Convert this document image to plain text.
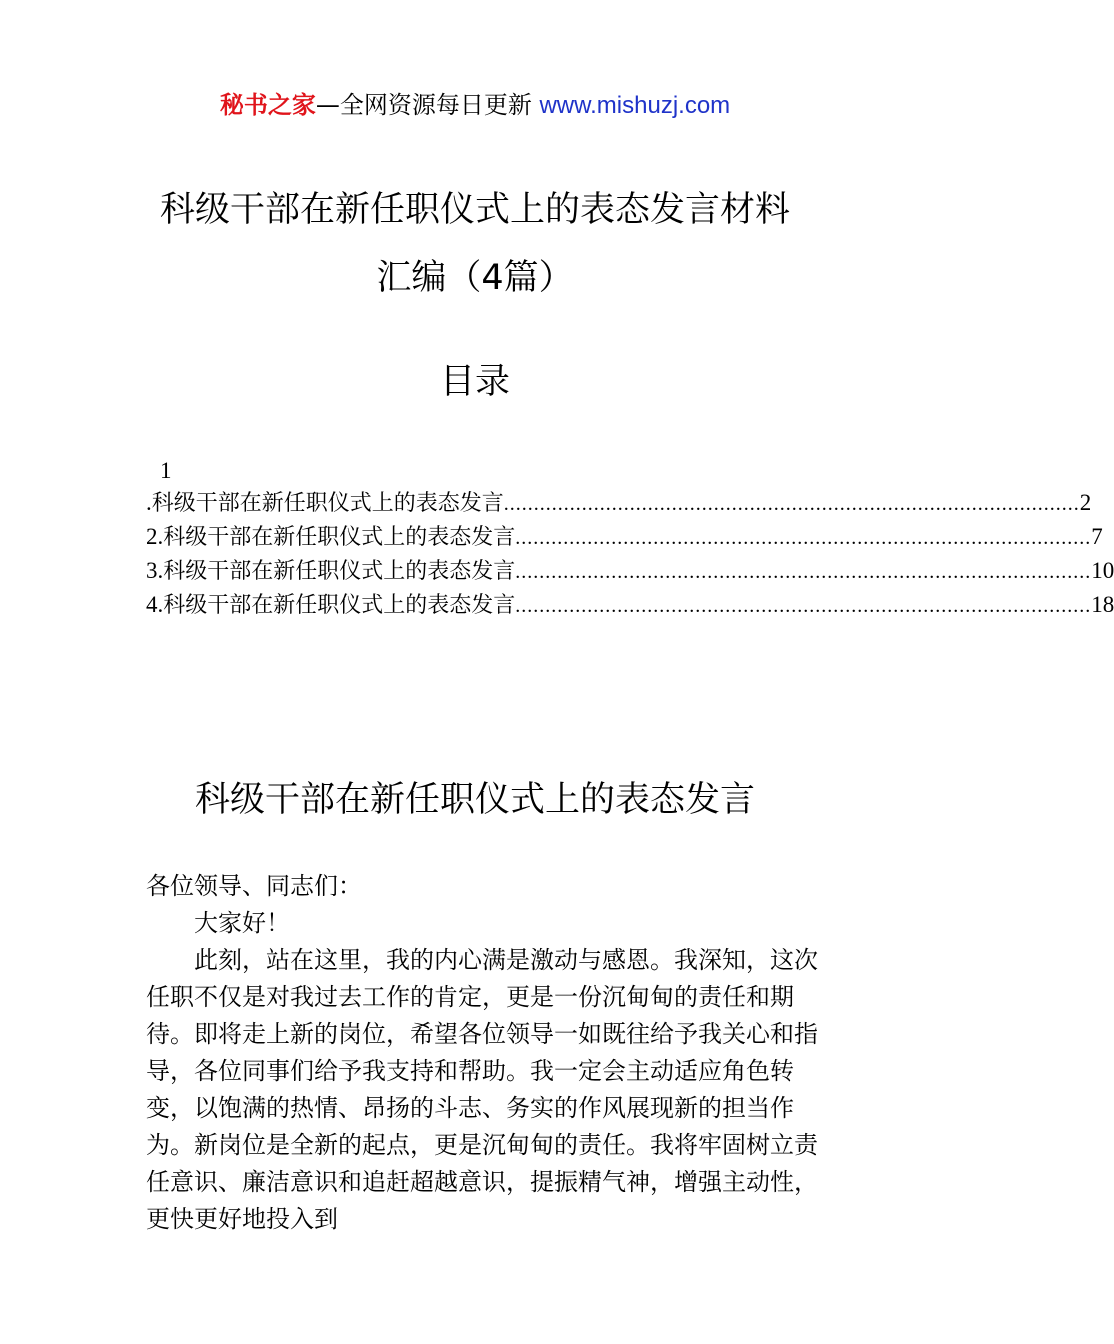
秘书之家—全网资源每日更新 www.mishuzj.com
科级干部在新任职仪式上的表态发言材料
汇编（4篇）
目录
1
. 科级干部在新任职仪式上的表态发言 ................................................................................................ 2
2. 科级干部在新任职仪式上的表态发言 ................................................................................................ 7
3. 科级干部在新任职仪式上的表态发言 ................................................................................................ 10
4. 科级干部在新任职仪式上的表态发言 ................................................................................................ 18
科级干部在新任职仪式上的表态发言

各位领导、同志们：

大家好！

此刻，站在这里，我的内心满是激动与感恩。我深知，这次任职不仅是对我过去工作的肯定，更是一份沉甸甸的责任和期待。即将走上新的岗位，希望各位领导一如既往给予我关心和指导，各位同事们给予我支持和帮助。我一定会主动适应角色转变，以饱满的热情、昂扬的斗志、务实的作风展现新的担当作为。新岗位是全新的起点，更是沉甸甸的责任。我将牢固树立责任意识、廉洁意识和追赶超越意识，提振精气神，增强主动性，更快更好地投入到
